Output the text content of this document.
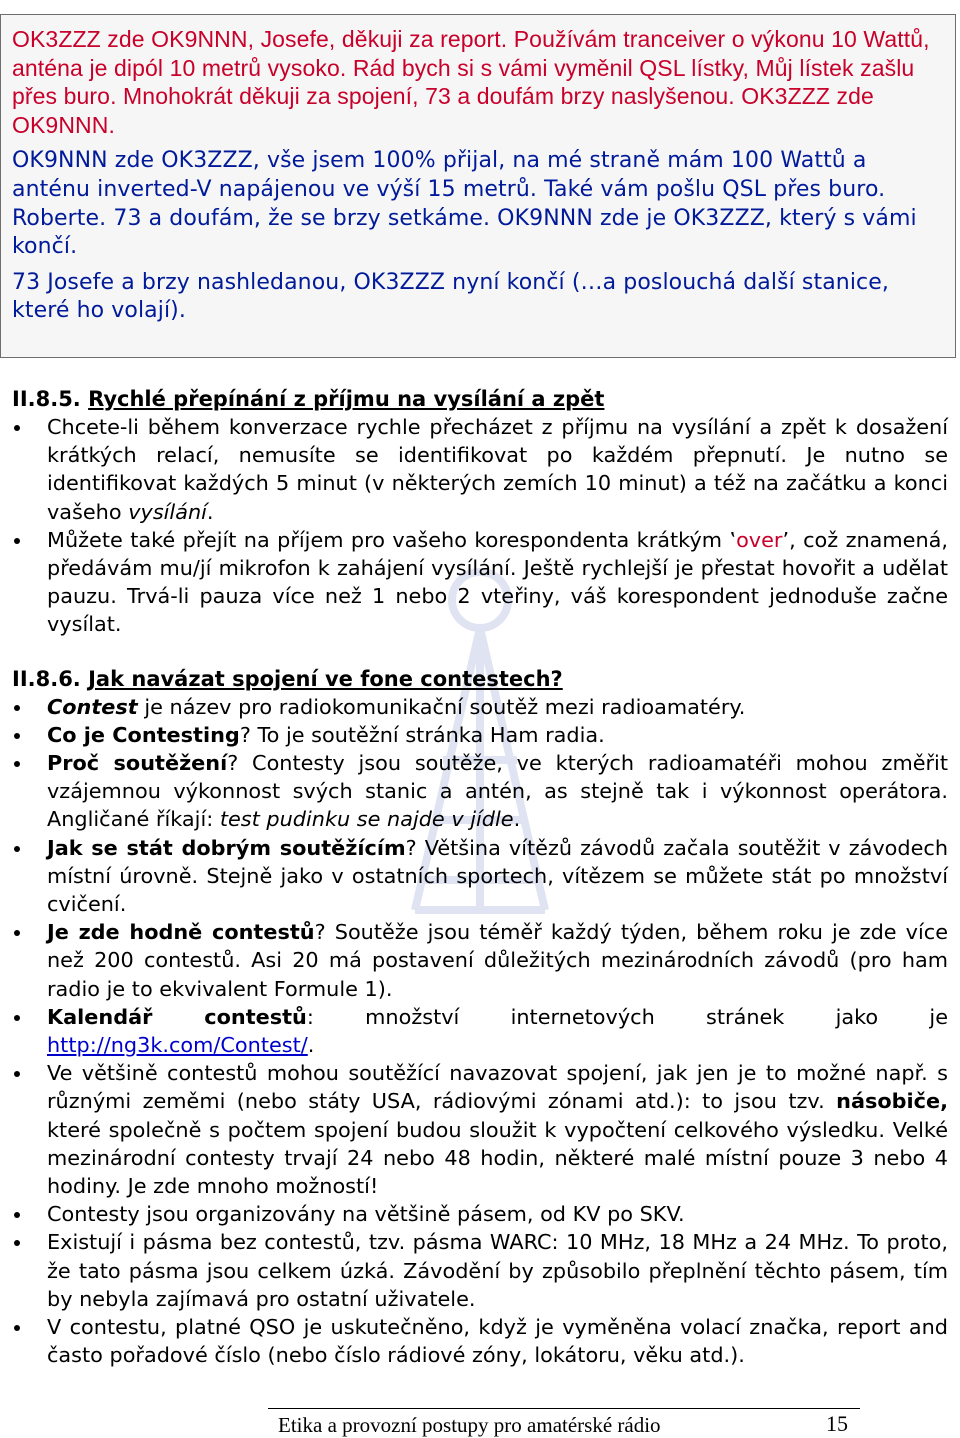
OK3ZZZ zde OK9NNN, Josefe, děkuji za report. Používám tranceiver o výkonu 10 Wattů, anténa je dipól 10 metrů vysoko. Rád bych si s vámi vyměnil QSL lístky, Můj lístek zašlu přes buro. Mnohokrát děkuji za spojení, 73 a doufám brzy naslyšenou. OK3ZZZ zde OK9NNN.

OK9NNN zde OK3ZZZ, vše jsem 100% přijal, na mé straně mám 100 Wattů a anténu inverted-V napájenou ve výší 15 metrů. Také vám pošlu QSL přes buro. Roberte. 73 a doufám, že se brzy setkáme. OK9NNN zde je OK3ZZZ, který s vámi končí.

73 Josefe a brzy nashledanou, OK3ZZZ nyní končí (…a poslouchá další stanice, které ho volají).

II.8.5. Rychlé přepínání z příjmu na vysílání a zpět
Chcete-li během konverzace rychle přecházet z příjmu na vysílání a zpět k dosažení krátkých relací, nemusíte se identifikovat po každém přepnutí. Je nutno se identifikovat každých 5 minut (v některých zemích 10 minut) a též na začátku a konci vašeho vysílání.
Můžete také přejít na příjem pro vašeho korespondenta krátkým ‛over’, což znamená, předávám mu/jí mikrofon k zahájení vysílání. Ještě rychlejší je přestat hovořit a udělat pauzu. Trvá-li pauza více než 1 nebo 2 vteřiny, váš korespondent jednoduše začne vysílat.
II.8.6. Jak navázat spojení ve fone contestech?
Contest je název pro radiokomunikační soutěž mezi radioamatéry.
Co je Contesting? To je soutěžní stránka Ham radia.
Proč soutěžení? Contesty jsou soutěže, ve kterých radioamatéři mohou změřit vzájemnou výkonnost svých stanic a antén, as stejně tak i výkonnost operátora. Angličané říkají: test pudinku se najde v jídle.
Jak se stát dobrým soutěžícím? Většina vítězů závodů začala soutěžit v závodech místní úrovně. Stejně jako v ostatních sportech, vítězem se můžete stát po množství cvičení.
Je zde hodně contestů? Soutěže jsou téměř každý týden, během roku je zde více než 200 contestů. Asi 20 má postavení důležitých mezinárodních závodů (pro ham radio je to ekvivalent Formule 1).
Kalendář contestů: množství internetových stránek jako je http://ng3k.com/Contest/.
Ve většině contestů mohou soutěžící navazovat spojení, jak jen je to možné např. s různými zeměmi (nebo státy USA, rádiovými zónami atd.): to jsou tzv. násobiče, které společně s počtem spojení budou sloužit k vypočtení celkového výsledku. Velké mezinárodní contesty trvají 24 nebo 48 hodin, některé malé místní pouze 3 nebo 4 hodiny. Je zde mnoho možností!
Contesty jsou organizovány na většině pásem, od KV po SKV.
Existují i pásma bez contestů, tzv. pásma WARC: 10 MHz, 18 MHz a 24 MHz. To proto, že tato pásma jsou celkem úzká. Závodění by způsobilo přeplnění těchto pásem, tím by nebyla zajímavá pro ostatní uživatele.
V contestu, platné QSO je uskutečněno, když je vyměněna volací značka, report and často pořadové číslo (nebo číslo rádiové zóny, lokátoru, věku atd.).
Etika a provozní postupy pro amatérské rádio	15
